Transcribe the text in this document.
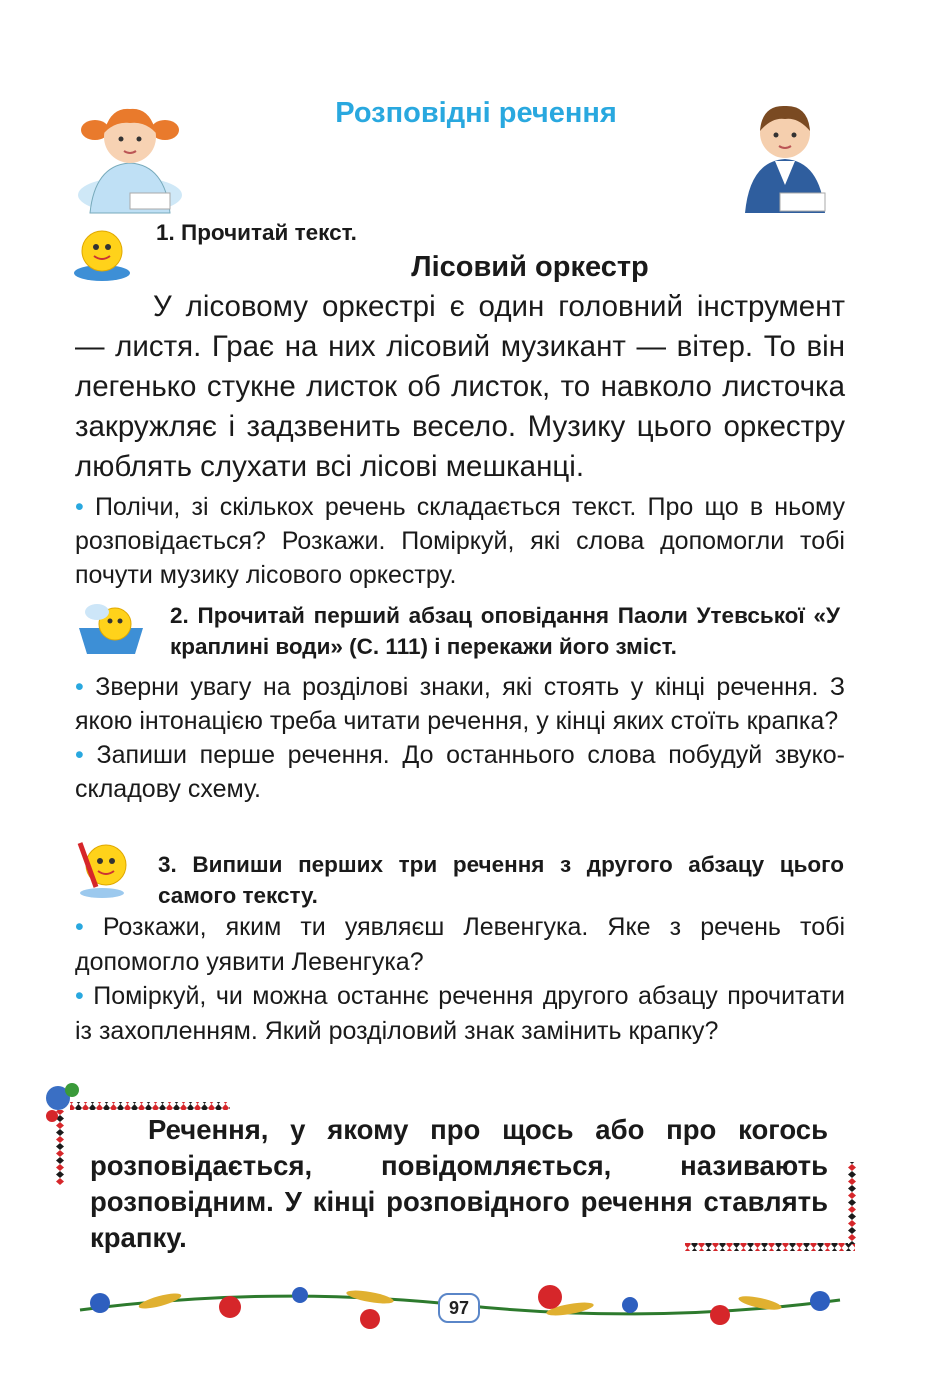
Розповідні речення
1. Прочитай текст.
Лісовий оркестр

У лісовому оркестрі є один головний інструмент — листя. Грає на них лісовий музикант — вітер. То він легенько стукне листок об листок, то навколо листочка закружляє і задзвенить весело. Музику цього оркестру люблять слухати всі лісові мешканці.

• Полічи, зі скількох речень складається текст. Про що в ньому розповідається? Розкажи. Поміркуй, які слова допомогли тобі почути музику лісового оркестру.

2. Прочитай перший абзац оповідання Паоли Утевської «У краплині води» (С. 111) і перекажи його зміст.

• Зверни увагу на розділові знаки, які стоять у кінці речення. З якою інтонацією треба читати речення, у кінці яких стоїть крапка?

• Запиши перше речення. До останнього слова побудуй звуко-складову схему.

3. Випиши перших три речення з другого абзацу цього самого тексту.

• Розкажи, яким ти уявляєш Левенгука. Яке з речень тобі допомогло уявити Левенгука?

• Поміркуй, чи можна останнє речення другого абзацу прочитати із захопленням. Який розділовий знак замінить крапку?

Речення, у якому про щось або про когось розповідається, повідомляється, називають розповідним. У кінці розповідного речення ставлять крапку.

97
